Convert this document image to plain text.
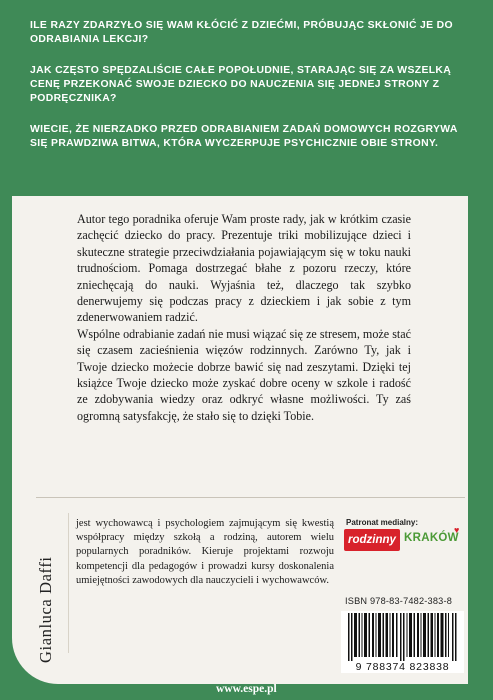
ILE RAZY ZDARZYŁO SIĘ WAM KŁÓCIĆ Z DZIEĆMI, PRÓBUJĄC SKŁONIĆ JE DO ODRABIANIA LEKCJI?

JAK CZĘSTO SPĘDZALIŚCIE CAŁE POPOŁUDNIE, STARAJĄC SIĘ ZA WSZELKĄ CENĘ PRZEKONAĆ SWOJE DZIECKO DO NAUCZENIA SIĘ JEDNEJ STRONY Z PODRĘCZNIKA?

WIECIE, ŻE NIERZADKO PRZED ODRABIANIEM ZADAŃ DOMOWYCH ROZGRYWA SIĘ PRAWDZIWA BITWA, KTÓRA WYCZERPUJE PSYCHICZNIE OBIE STRONY.

Autor tego poradnika oferuje Wam proste rady, jak w krótkim czasie zachęcić dziecko do pracy. Prezentuje triki mobilizujące dzieci i skuteczne strategie przeciwdziałania pojawiającym się w toku nauki trudnościom. Pomaga dostrzegać błahe z pozoru rzeczy, które zniechęcają do nauki. Wyjaśnia też, dlaczego tak szybko denerwujemy się podczas pracy z dzieckiem i jak sobie z tym zdenerwowaniem radzić.

Wspólne odrabianie zadań nie musi wiązać się ze stresem, może stać się czasem zacieśnienia więzów rodzinnych. Zarówno Ty, jak i Twoje dziecko możecie dobrze bawić się nad zeszytami. Dzięki tej książce Twoje dziecko może zyskać dobre oceny w szkole i radość ze zdobywania wiedzy oraz odkryć własne możliwości. Ty zaś ogromną satysfakcję, że stało się to dzięki Tobie.

Gianluca Daffi

jest wychowawcą i psychologiem zajmującym się kwestią współpracy między szkołą a rodziną, autorem wielu popularnych poradników. Kieruje projektami rozwoju kompetencji dla pedagogów i prowadzi kursy doskonalenia umiejętności zawodowych dla nauczycieli i wychowawców.

Patronat medialny:
rodzinny KRAKÓW
♥
ISBN 978-83-7482-383-8
9 788374 823838
www.espe.pl
